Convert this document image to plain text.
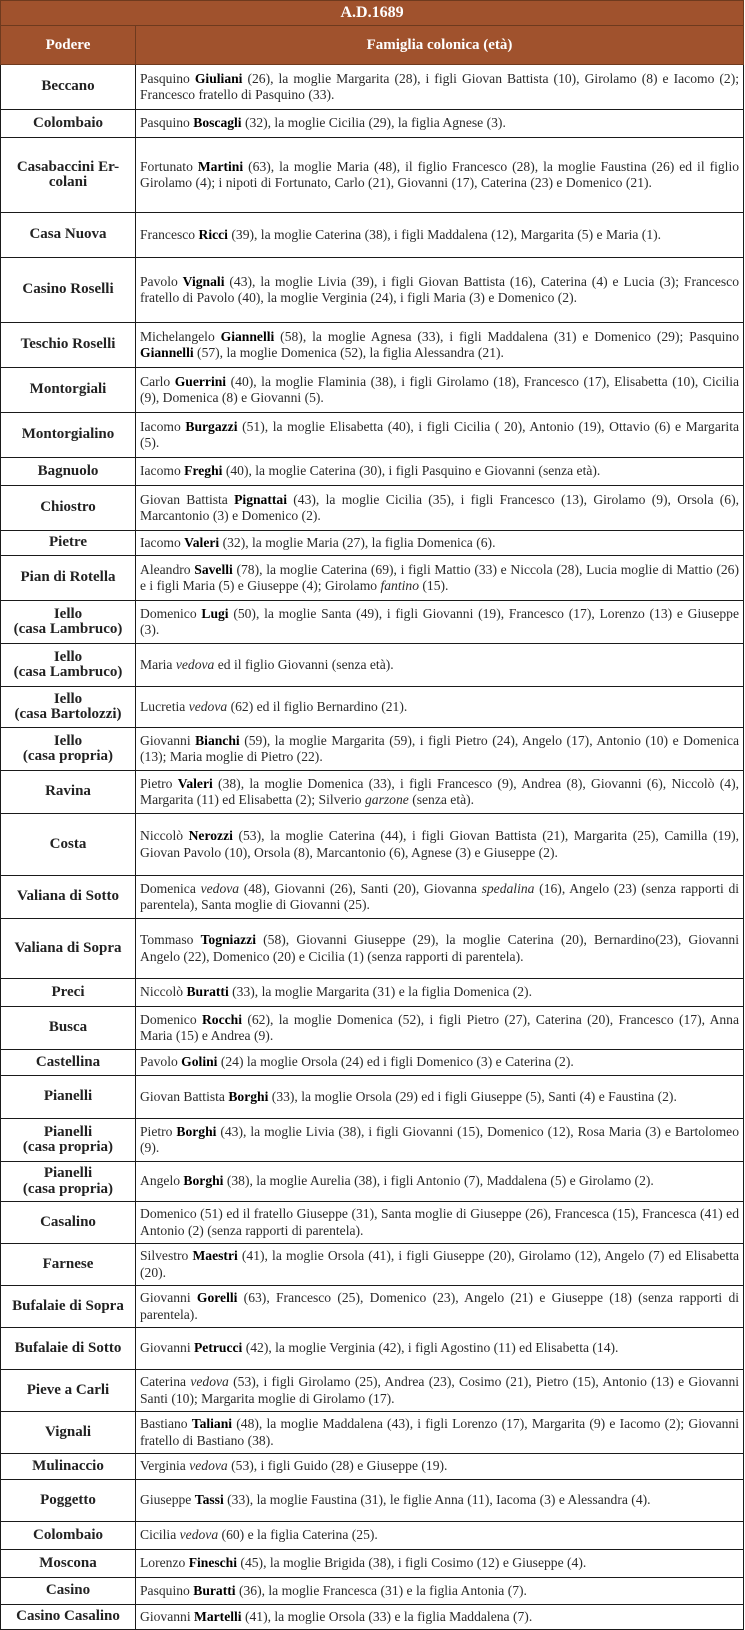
A.D.1689	
Podere	Famiglia colonica (età)
Beccano	Pasquino Giuliani (26), la moglie Margarita (28), i figli Giovan Battista (10), Girolamo (8) e Iacomo (2); Francesco fratello di Pasquino (33).
Colombaio	Pasquino Boscagli (32), la moglie Cicilia (29), la figlia Agnese (3).
Casabaccini Er-
colani	Fortunato Martini (63), la moglie Maria (48), il figlio Francesco (28), la moglie Faustina (26) ed il figlio Girolamo (4); i nipoti di Fortunato, Carlo (21), Giovanni (17), Caterina (23) e Domenico (21).
Casa Nuova	Francesco Ricci (39), la moglie Caterina (38), i figli Maddalena (12), Margarita (5) e Maria (1).
Casino Roselli	Pavolo Vignali (43), la moglie Livia (39), i figli Giovan Battista (16), Caterina (4) e Lucia (3); Francesco fratello di Pavolo (40), la moglie Verginia (24), i figli Maria (3) e Domenico (2).
Teschio Roselli	Michelangelo Giannelli (58), la moglie Agnesa (33), i figli Maddalena (31) e Domenico (29); Pasquino Giannelli (57), la moglie Domenica (52), la figlia Alessandra (21).
Montorgiali	Carlo Guerrini (40), la moglie Flaminia (38), i figli Girolamo (18), Francesco (17), Elisabetta (10), Cicilia (9), Domenica (8) e Giovanni (5).
Montorgialino	Iacomo Burgazzi (51), la moglie Elisabetta (40), i figli Cicilia ( 20), Antonio (19), Ottavio (6) e Margarita (5).
Bagnuolo	Iacomo Freghi (40), la moglie Caterina (30), i figli Pasquino e Giovanni (senza età).
Chiostro	Giovan Battista Pignattai (43), la moglie Cicilia (35), i figli Francesco (13), Girolamo (9), Orsola (6), Marcantonio (3) e Domenico (2).
Pietre	Iacomo Valeri (32), la moglie Maria (27), la figlia Domenica (6).
Pian di Rotella	Aleandro Savelli (78), la moglie Caterina (69), i figli Mattio (33) e Niccola (28), Lucia moglie di Mattio (26) e i figli Maria (5) e Giuseppe (4); Girolamo fantino (15).
Iello
(casa Lambruco)	Domenico Lugi (50), la moglie Santa (49), i figli Giovanni (19), Francesco (17), Lorenzo (13) e Giuseppe (3).
Iello
(casa Lambruco)	Maria vedova ed il figlio Giovanni (senza età).
Iello
(casa Bartolozzi)	Lucretia vedova (62) ed il figlio Bernardino (21).
Iello
(casa propria)	Giovanni Bianchi (59), la moglie Margarita (59), i figli Pietro (24), Angelo (17), Antonio (10) e Domenica (13); Maria moglie di Pietro (22).
Ravina	Pietro Valeri (38), la moglie Domenica (33), i figli Francesco (9), Andrea (8), Giovanni (6), Niccolò (4), Margarita (11) ed Elisabetta (2); Silverio garzone (senza età).
Costa	Niccolò Nerozzi (53), la moglie Caterina (44), i figli Giovan Battista (21), Margarita (25), Camilla (19), Giovan Pavolo (10), Orsola (8), Marcantonio (6), Agnese (3) e Giuseppe (2).
Valiana di Sotto	Domenica vedova (48), Giovanni (26), Santi (20), Giovanna spedalina (16), Angelo (23) (senza rapporti di parentela), Santa moglie di Giovanni (25).
Valiana di Sopra	Tommaso Togniazzi (58), Giovanni Giuseppe (29), la moglie Caterina (20), Bernardino(23), Giovanni Angelo (22), Domenico (20) e Cicilia (1) (senza rapporti di parentela).
Preci	Niccolò Buratti (33), la moglie Margarita (31) e la figlia Domenica (2).
Busca	Domenico Rocchi (62), la moglie Domenica (52), i figli Pietro (27), Caterina (20), Francesco (17), Anna Maria (15) e Andrea (9).
Castellina	Pavolo Golini (24) la moglie Orsola (24) ed i figli Domenico (3) e Caterina (2).
Pianelli	Giovan Battista Borghi (33), la moglie Orsola (29) ed i figli Giuseppe (5), Santi (4) e Faustina (2).
Pianelli
(casa propria)	Pietro Borghi (43), la moglie Livia (38), i figli Giovanni (15), Domenico (12), Rosa Maria (3) e Bartolomeo (9).
Pianelli
(casa propria)	Angelo Borghi (38), la moglie Aurelia (38), i figli Antonio (7), Maddalena (5) e Girolamo (2).
Casalino	Domenico (51) ed il fratello Giuseppe (31), Santa moglie di Giuseppe (26), Francesca (15), Francesca (41) ed Antonio (2) (senza rapporti di parentela).
Farnese	Silvestro Maestri (41), la moglie Orsola (41), i figli Giuseppe (20), Girolamo (12), Angelo (7) ed Elisabetta (20).
Bufalaie di Sopra	Giovanni Gorelli (63), Francesco (25), Domenico (23), Angelo (21) e Giuseppe (18) (senza rapporti di parentela).
Bufalaie di Sotto	Giovanni Petrucci (42), la moglie Verginia (42), i figli Agostino (11) ed Elisabetta (14).
Pieve a Carli	Caterina vedova (53), i figli Girolamo (25), Andrea (23), Cosimo (21), Pietro (15), Antonio (13) e Giovanni Santi (10); Margarita moglie di Girolamo (17).
Vignali	Bastiano Taliani (48), la moglie Maddalena (43), i figli Lorenzo (17), Margarita (9) e Iacomo (2); Giovanni fratello di Bastiano (38).
Mulinaccio	Verginia vedova (53), i figli Guido (28) e Giuseppe (19).
Poggetto	Giuseppe Tassi (33), la moglie Faustina (31), le figlie Anna (11), Iacoma (3) e Alessandra (4).
Colombaio	Cicilia vedova (60) e la figlia Caterina (25).
Moscona	Lorenzo Fineschi (45), la moglie Brigida (38), i figli Cosimo (12) e Giuseppe (4).
Casino	Pasquino Buratti (36), la moglie Francesca (31) e la figlia Antonia (7).
Casino Casalino	Giovanni Martelli (41), la moglie Orsola (33) e la figlia Maddalena (7).
